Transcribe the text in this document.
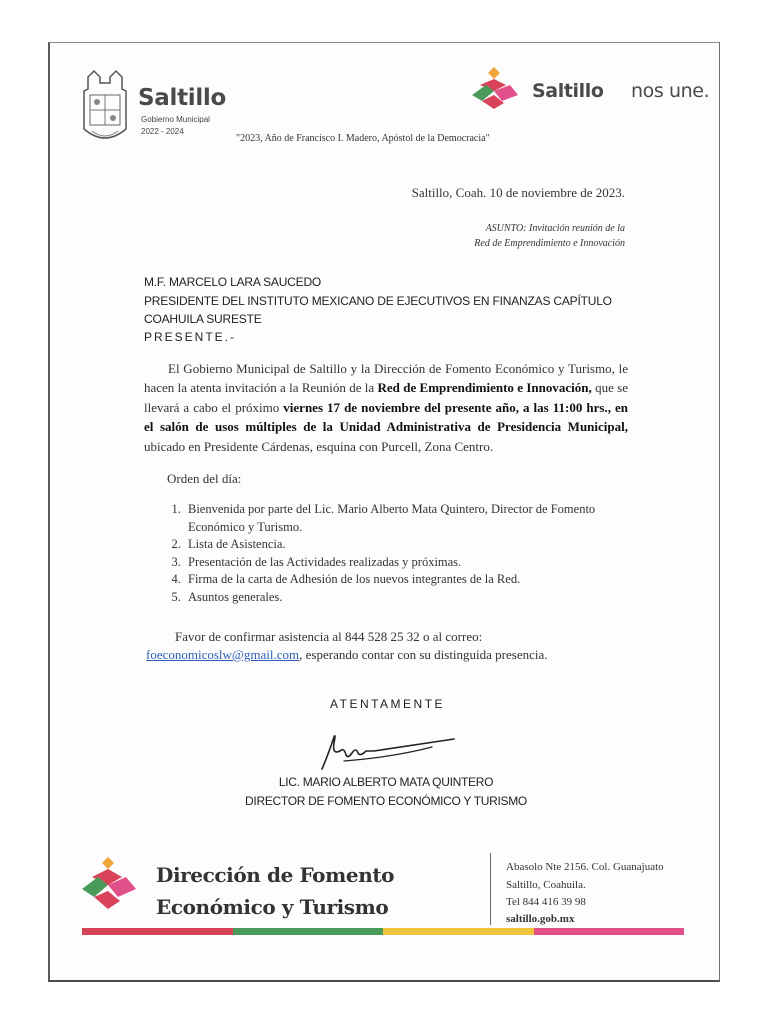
Saltillo
Gobierno Municipal
2022 - 2024
Saltillo nos une.
"2023, Año de Francisco I. Madero, Apóstol de la Democracia"
Saltillo, Coah. 10 de noviembre de 2023.
ASUNTO: Invitación reunión de la
Red de Emprendimiento e Innovación
M.F. MARCELO LARA SAUCEDO
PRESIDENTE DEL INSTITUTO MEXICANO DE EJECUTIVOS EN FINANZAS CAPÍTULO
COAHUILA SURESTE
PRESENTE.-
El Gobierno Municipal de Saltillo y la Dirección de Fomento Económico y Turismo, le hacen la atenta invitación a la Reunión de la Red de Emprendimiento e Innovación, que se llevará a cabo el próximo viernes 17 de noviembre del presente año, a las 11:00 hrs., en el salón de usos múltiples de la Unidad Administrativa de Presidencia Municipal, ubicado en Presidente Cárdenas, esquina con Purcell, Zona Centro.
Orden del día:
1. Bienvenida por parte del Lic. Mario Alberto Mata Quintero, Director de Fomento Económico y Turismo.
2. Lista de Asistencia.
3. Presentación de las Actividades realizadas y próximas.
4. Firma de la carta de Adhesión de los nuevos integrantes de la Red.
5. Asuntos generales.
Favor de confirmar asistencia al 844 528 25 32 o al correo:
foeconomicoslw@gmail.com, esperando contar con su distinguida presencia.
ATENTAMENTE
LIC. MARIO ALBERTO MATA QUINTERO
DIRECTOR DE FOMENTO ECONÓMICO Y TURISMO
Dirección de Fomento
Económico y Turismo
Abasolo Nte 2156. Col. Guanajuato
Saltillo, Coahuila.
Tel 844 416 39 98
saltillo.gob.mx
